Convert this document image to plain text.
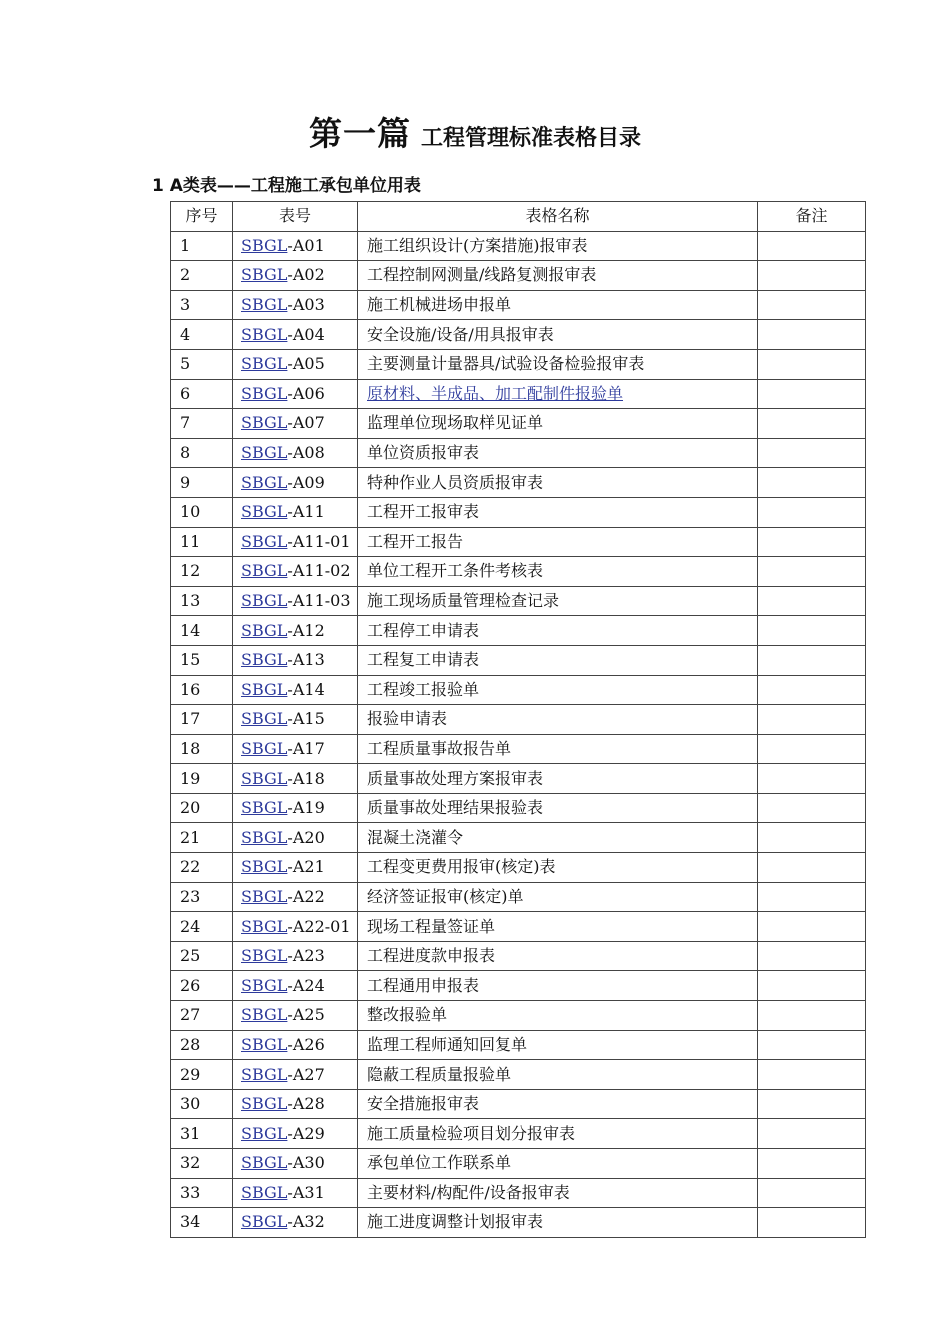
第一篇 工程管理标准表格目录
1 A类表——工程施工承包单位用表
序号	表号	表格名称	备注
1	SBGL-A01	施工组织设计(方案措施)报审表	
2	SBGL-A02	工程控制网测量/线路复测报审表	
3	SBGL-A03	施工机械进场申报单	
4	SBGL-A04	安全设施/设备/用具报审表	
5	SBGL-A05	主要测量计量器具/试验设备检验报审表	
6	SBGL-A06	原材料、半成品、加工配制件报验单	
7	SBGL-A07	监理单位现场取样见证单	
8	SBGL-A08	单位资质报审表	
9	SBGL-A09	特种作业人员资质报审表	
10	SBGL-A11	工程开工报审表	
11	SBGL-A11-01	工程开工报告	
12	SBGL-A11-02	单位工程开工条件考核表	
13	SBGL-A11-03	施工现场质量管理检查记录	
14	SBGL-A12	工程停工申请表	
15	SBGL-A13	工程复工申请表	
16	SBGL-A14	工程竣工报验单	
17	SBGL-A15	报验申请表	
18	SBGL-A17	工程质量事故报告单	
19	SBGL-A18	质量事故处理方案报审表	
20	SBGL-A19	质量事故处理结果报验表	
21	SBGL-A20	混凝土浇灌令	
22	SBGL-A21	工程变更费用报审(核定)表	
23	SBGL-A22	经济签证报审(核定)单	
24	SBGL-A22-01	现场工程量签证单	
25	SBGL-A23	工程进度款申报表	
26	SBGL-A24	工程通用申报表	
27	SBGL-A25	整改报验单	
28	SBGL-A26	监理工程师通知回复单	
29	SBGL-A27	隐蔽工程质量报验单	
30	SBGL-A28	安全措施报审表	
31	SBGL-A29	施工质量检验项目划分报审表	
32	SBGL-A30	承包单位工作联系单	
33	SBGL-A31	主要材料/构配件/设备报审表	
34	SBGL-A32	施工进度调整计划报审表	
